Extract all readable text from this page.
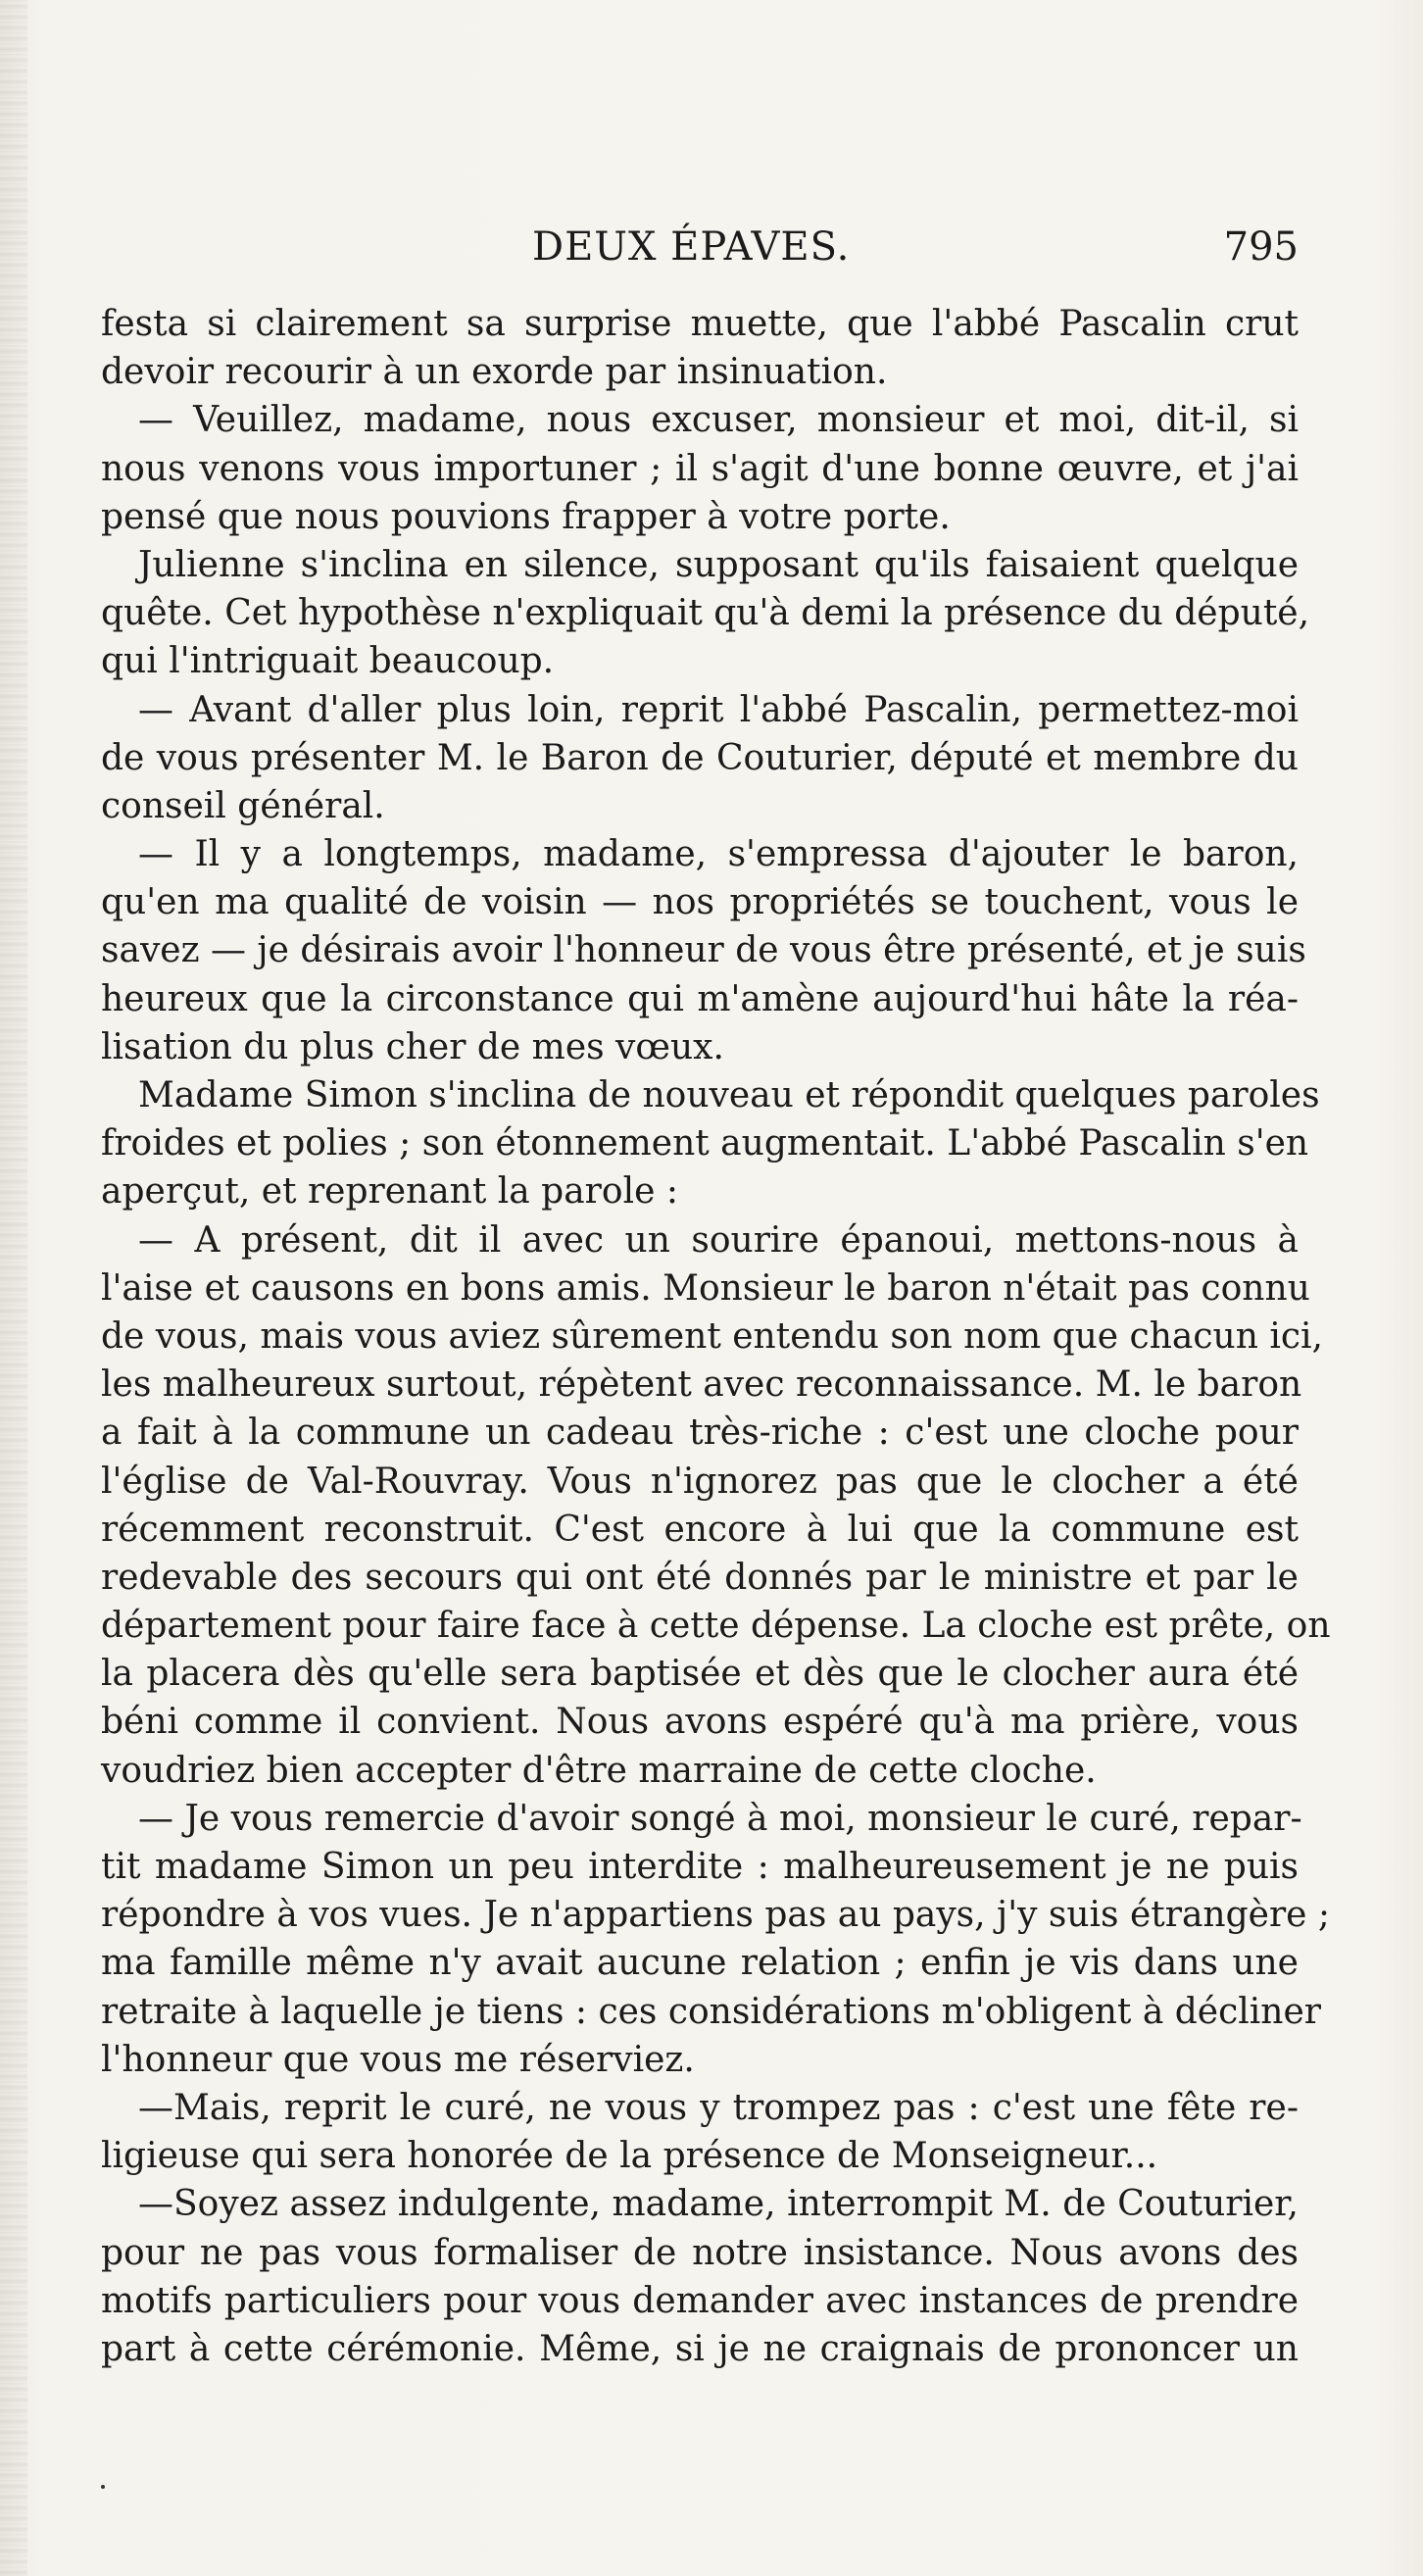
DEUX ÉPAVES.	795
festa si clairement sa surprise muette, que l'abbé Pascalin crut
devoir recourir à un exorde par insinuation.
— Veuillez, madame, nous excuser, monsieur et moi, dit-il, si
nous venons vous importuner ; il s'agit d'une bonne œuvre, et j'ai
pensé que nous pouvions frapper à votre porte.
Julienne s'inclina en silence, supposant qu'ils faisaient quelque
quête. Cet hypothèse n'expliquait qu'à demi la présence du député,
qui l'intriguait beaucoup.
— Avant d'aller plus loin, reprit l'abbé Pascalin, permettez-moi
de vous présenter M. le Baron de Couturier, député et membre du
conseil général.
— Il y a longtemps, madame, s'empressa d'ajouter le baron,
qu'en ma qualité de voisin — nos propriétés se touchent, vous le
savez — je désirais avoir l'honneur de vous être présenté, et je suis
heureux que la circonstance qui m'amène aujourd'hui hâte la réa-
lisation du plus cher de mes vœux.
Madame Simon s'inclina de nouveau et répondit quelques paroles
froides et polies ; son étonnement augmentait. L'abbé Pascalin s'en
aperçut, et reprenant la parole :
— A présent, dit il avec un sourire épanoui, mettons-nous à
l'aise et causons en bons amis. Monsieur le baron n'était pas connu
de vous, mais vous aviez sûrement entendu son nom que chacun ici,
les malheureux surtout, répètent avec reconnaissance. M. le baron
a fait à la commune un cadeau très-riche : c'est une cloche pour
l'église de Val-Rouvray. Vous n'ignorez pas que le clocher a été
récemment reconstruit. C'est encore à lui que la commune est
redevable des secours qui ont été donnés par le ministre et par le
département pour faire face à cette dépense. La cloche est prête, on
la placera dès qu'elle sera baptisée et dès que le clocher aura été
béni comme il convient. Nous avons espéré qu'à ma prière, vous
voudriez bien accepter d'être marraine de cette cloche.
— Je vous remercie d'avoir songé à moi, monsieur le curé, repar-
tit madame Simon un peu interdite : malheureusement je ne puis
répondre à vos vues. Je n'appartiens pas au pays, j'y suis étrangère ;
ma famille même n'y avait aucune relation ; enfin je vis dans une
retraite à laquelle je tiens : ces considérations m'obligent à décliner
l'honneur que vous me réserviez.
—Mais, reprit le curé, ne vous y trompez pas : c'est une fête re-
ligieuse qui sera honorée de la présence de Monseigneur...
—Soyez assez indulgente, madame, interrompit M. de Couturier,
pour ne pas vous formaliser de notre insistance. Nous avons des
motifs particuliers pour vous demander avec instances de prendre
part à cette cérémonie. Même, si je ne craignais de prononcer un
